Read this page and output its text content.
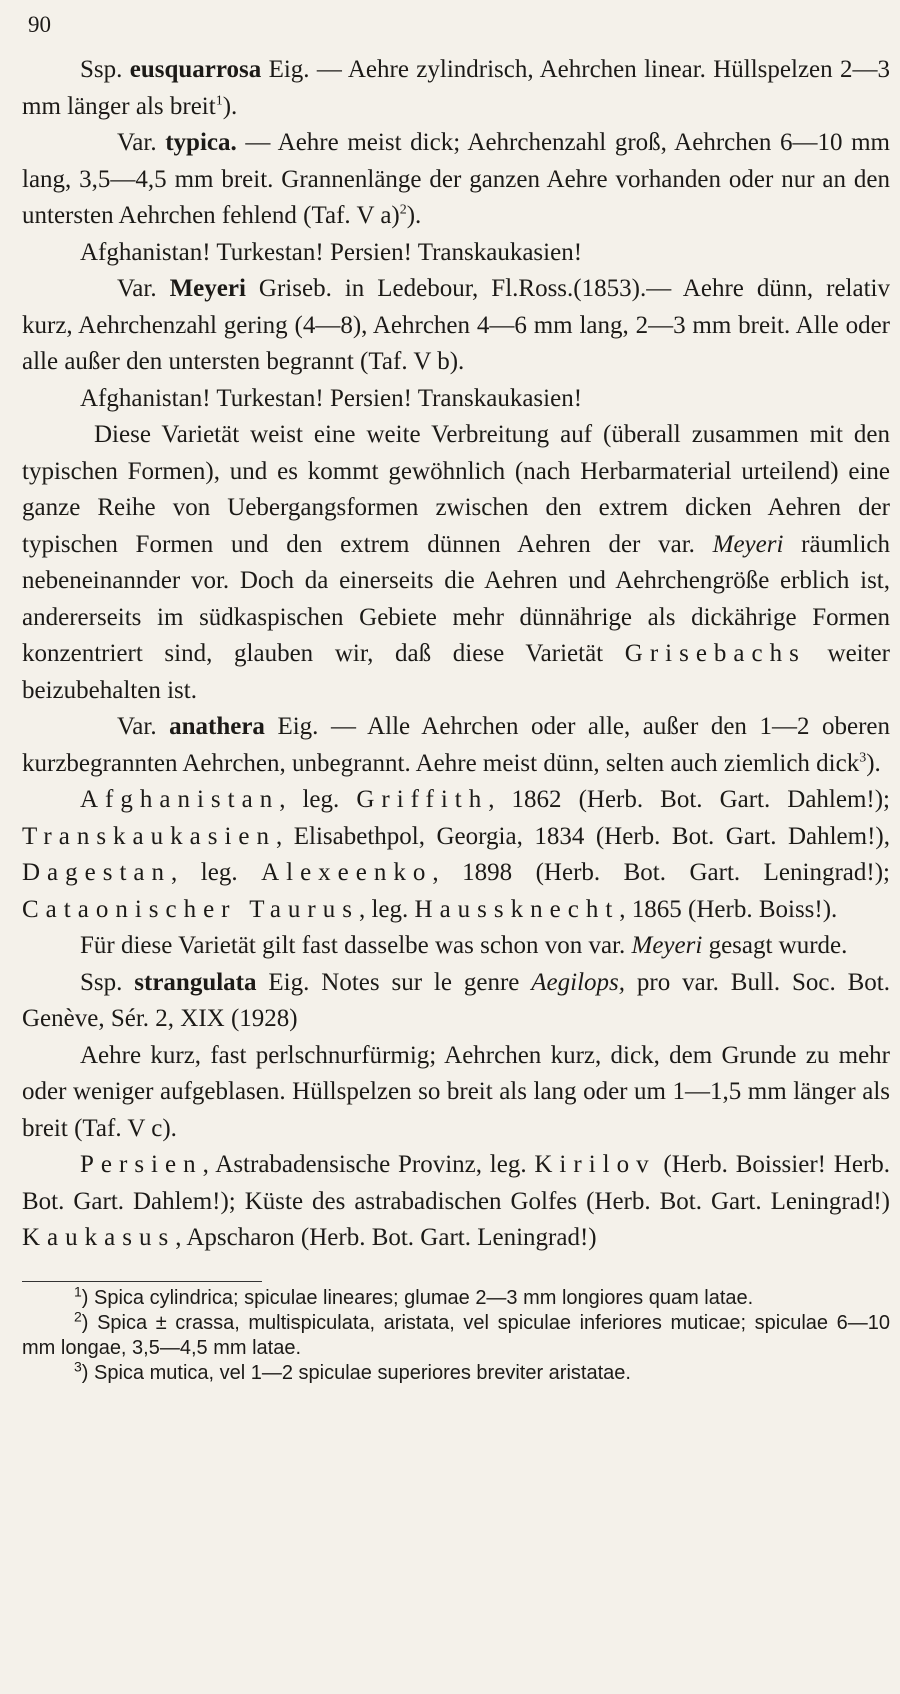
90

Ssp. eusquarrosa Eig. — Aehre zylindrisch, Aehrchen linear. Hüllspelzen 2—3 mm länger als breit$^1$).

Var. typica. — Aehre meist dick; Aehrchenzahl groß, Aehrchen 6—10 mm lang, 3,5—4,5 mm breit. Grannenlänge der ganzen Aehre vorhanden oder nur an den untersten Aehrchen fehlend (Taf. V a)$^2$).

Afghanistan! Turkestan! Persien! Transkaukasien!

Var. Meyeri Griseb. in Ledebour, Fl.Ross.(1853).— Aehre dünn, relativ kurz, Aehrchenzahl gering (4—8), Aehrchen 4—6 mm lang, 2—3 mm breit. Alle oder alle außer den untersten begrannt (Taf. V b).

Afghanistan! Turkestan! Persien! Transkaukasien!

Diese Varietät weist eine weite Verbreitung auf (überall zusammen mit den typischen Formen), und es kommt gewöhnlich (nach Herbarmaterial urteilend) eine ganze Reihe von Uebergangsformen zwischen den extrem dicken Aehren der typischen Formen und den extrem dünnen Aehren der var. Meyeri räumlich nebeneinannder vor. Doch da einerseits die Aehren und Aehrchengröße erblich ist, andererseits im südkaspischen Gebiete mehr dünnährige als dickährige Formen konzentriert sind, glauben wir, daß diese Varietät Grisebachs weiter beizubehalten ist.

Var. anathera Eig. — Alle Aehrchen oder alle, außer den 1—2 oberen kurzbegrannten Aehrchen, unbegrannt. Aehre meist dünn, selten auch ziemlich dick$^3$).

Afghanistan, leg. Griffith, 1862 (Herb. Bot. Gart. Dahlem!); Transkaukasien, Elisabethpol, Georgia, 1834 (Herb. Bot. Gart. Dahlem!), Dagestan, leg. Alexeenko, 1898 (Herb. Bot. Gart. Leningrad!); Cataonischer Taurus, leg. Haussknecht, 1865 (Herb. Boiss!).

Für diese Varietät gilt fast dasselbe was schon von var. Meyeri gesagt wurde.

Ssp. strangulata Eig. Notes sur le genre Aegilops, pro var. Bull. Soc. Bot. Genève, Sér. 2, XIX (1928)

Aehre kurz, fast perlschnurfürmig; Aehrchen kurz, dick, dem Grunde zu mehr oder weniger aufgeblasen. Hüllspelzen so breit als lang oder um 1—1,5 mm länger als breit (Taf. V c).

Persien, Astrabadensische Provinz, leg. Kirilov (Herb. Boissier! Herb. Bot. Gart. Dahlem!); Küste des astrabadischen Golfes (Herb. Bot. Gart. Leningrad!) Kaukasus, Apscharon (Herb. Bot. Gart. Leningrad!)

$^1$) Spica cylindrica; spiculae lineares; glumae 2—3 mm longiores quam latae.

$^2$) Spica ± crassa, multispiculata, aristata, vel spiculae inferiores muticae; spiculae 6—10 mm longae, 3,5—4,5 mm latae.

$^3$) Spica mutica, vel 1—2 spiculae superiores breviter aristatae.
